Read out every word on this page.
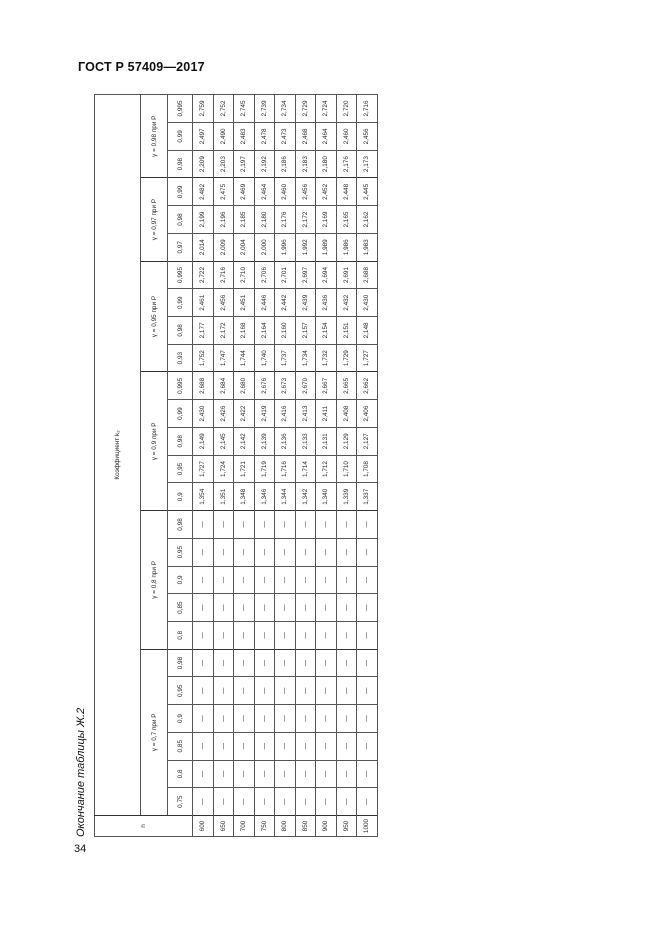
ГОСТ Р 57409—2017
Окончание таблицы Ж.2
34
n	Коэффициент k₂																									
	γ = 0,7 при P						γ = 0,8 при P					γ = 0,9 при P					γ = 0,95 при P				γ = 0,97 при P			γ = 0,98 при P		
	0,75	0,8	0,85	0,9	0,95	0,98	0,8	0,85	0,9	0,95	0,98	0,9	0,95	0,98	0,99	0,995	0,93	0,98	0,99	0,995	0,97	0,98	0,99	0,98	0,99	0,995
600	—	—	—	—	—	—	—	—	—	—	—	1,354	1,727	2,149	2,430	2,688	1,752	2,177	2,461	2,722	2,014	2,199	2,482	2,209	2,497	2,759
650	—	—	—	—	—	—	—	—	—	—	—	1,351	1,724	2,145	2,426	2,684	1,747	2,172	2,456	2,716	2,009	2,196	2,475	2,203	2,490	2,752
700	—	—	—	—	—	—	—	—	—	—	—	1,348	1,721	2,142	2,422	2,680	1,744	2,168	2,451	2,710	2,004	2,185	2,469	2,197	2,483	2,745
750	—	—	—	—	—	—	—	—	—	—	—	1,346	1,719	2,139	2,419	2,676	1,740	2,164	2,446	2,706	2,000	2,180	2,464	2,192	2,478	2,739
800	—	—	—	—	—	—	—	—	—	—	—	1,344	1,716	2,136	2,416	2,673	1,737	2,160	2,442	2,701	1,996	2,176	2,460	2,186	2,473	2,734
850	—	—	—	—	—	—	—	—	—	—	—	1,342	1,714	2,133	2,413	2,670	1,734	2,157	2,439	2,697	1,992	2,172	2,456	2,183	2,468	2,729
900	—	—	—	—	—	—	—	—	—	—	—	1,340	1,712	2,131	2,411	2,667	1,732	2,154	2,436	2,694	1,989	2,169	2,452	2,180	2,464	2,724
950	—	—	—	—	—	—	—	—	—	—	—	1,339	1,710	2,129	2,408	2,665	1,729	2,151	2,432	2,691	1,986	2,165	2,448	2,176	2,460	2,720
1000	—	—	—	—	—	—	—	—	—	—	—	1,337	1,708	2,127	2,406	2,662	1,727	2,148	2,430	2,688	1,983	2,162	2,445	2,173	2,456	2,716
